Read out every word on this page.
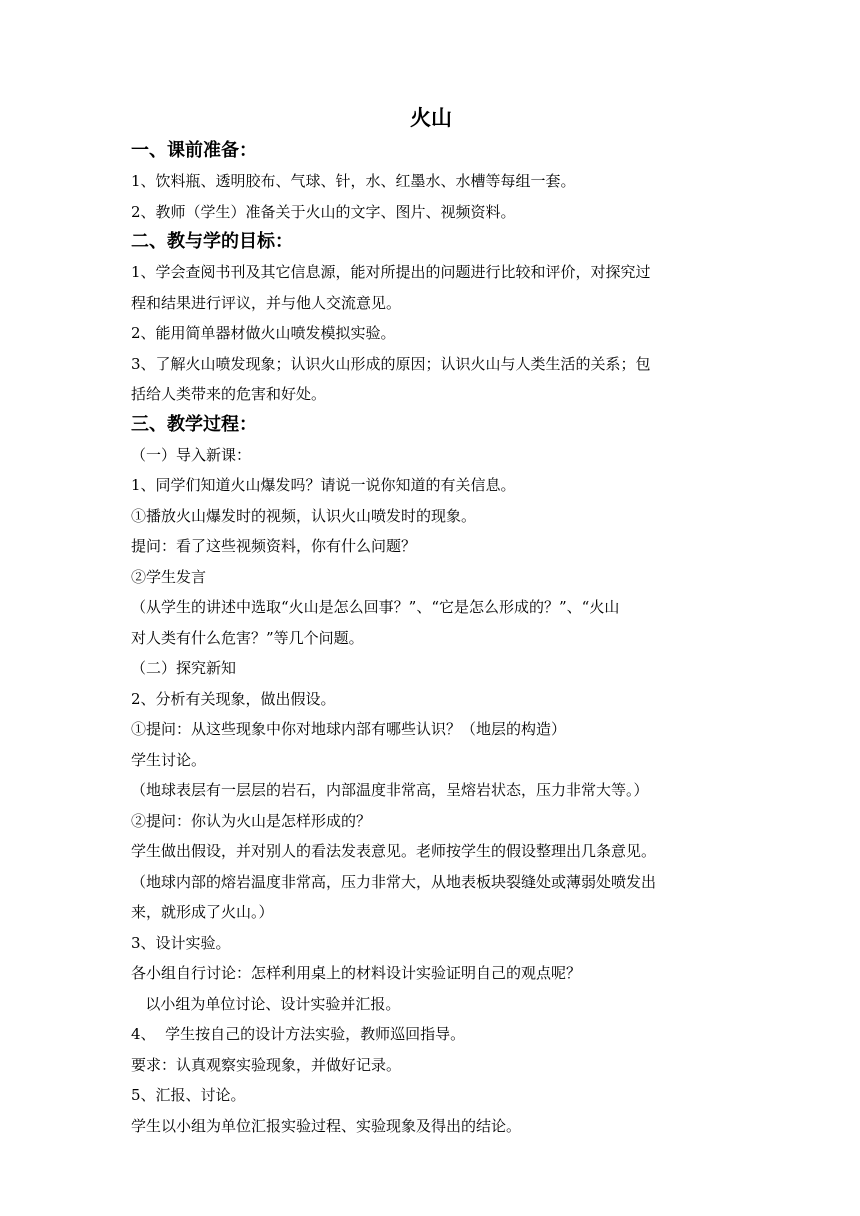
火山
一、课前准备：
1、饮料瓶、透明胶布、气球、针，水、红墨水、水槽等每组一套。
2、教师（学生）准备关于火山的文字、图片、视频资料。
二、教与学的目标：
1、学会查阅书刊及其它信息源，能对所提出的问题进行比较和评价，对探究过
程和结果进行评议，并与他人交流意见。
2、能用简单器材做火山喷发模拟实验。
3、了解火山喷发现象；认识火山形成的原因；认识火山与人类生活的关系；包
括给人类带来的危害和好处。
三、教学过程：
（一）导入新课：
1、同学们知道火山爆发吗？请说一说你知道的有关信息。
①播放火山爆发时的视频，认识火山喷发时的现象。
提问：看了这些视频资料，你有什么问题？
②学生发言
（从学生的讲述中选取“火山是怎么回事？”、“它是怎么形成的？”、“火山
对人类有什么危害？”等几个问题。
（二）探究新知
2、分析有关现象，做出假设。
①提问：从这些现象中你对地球内部有哪些认识？（地层的构造）
学生讨论。
（地球表层有一层层的岩石，内部温度非常高，呈熔岩状态，压力非常大等。）
②提问：你认为火山是怎样形成的？
学生做出假设，并对别人的看法发表意见。老师按学生的假设整理出几条意见。
（地球内部的熔岩温度非常高，压力非常大，从地表板块裂缝处或薄弱处喷发出
来，就形成了火山。）
3、设计实验。
各小组自行讨论：怎样利用桌上的材料设计实验证明自己的观点呢？
以小组为单位讨论、设计实验并汇报。
4、  学生按自己的设计方法实验，教师巡回指导。
要求：认真观察实验现象，并做好记录。
5、汇报、讨论。
学生以小组为单位汇报实验过程、实验现象及得出的结论。
